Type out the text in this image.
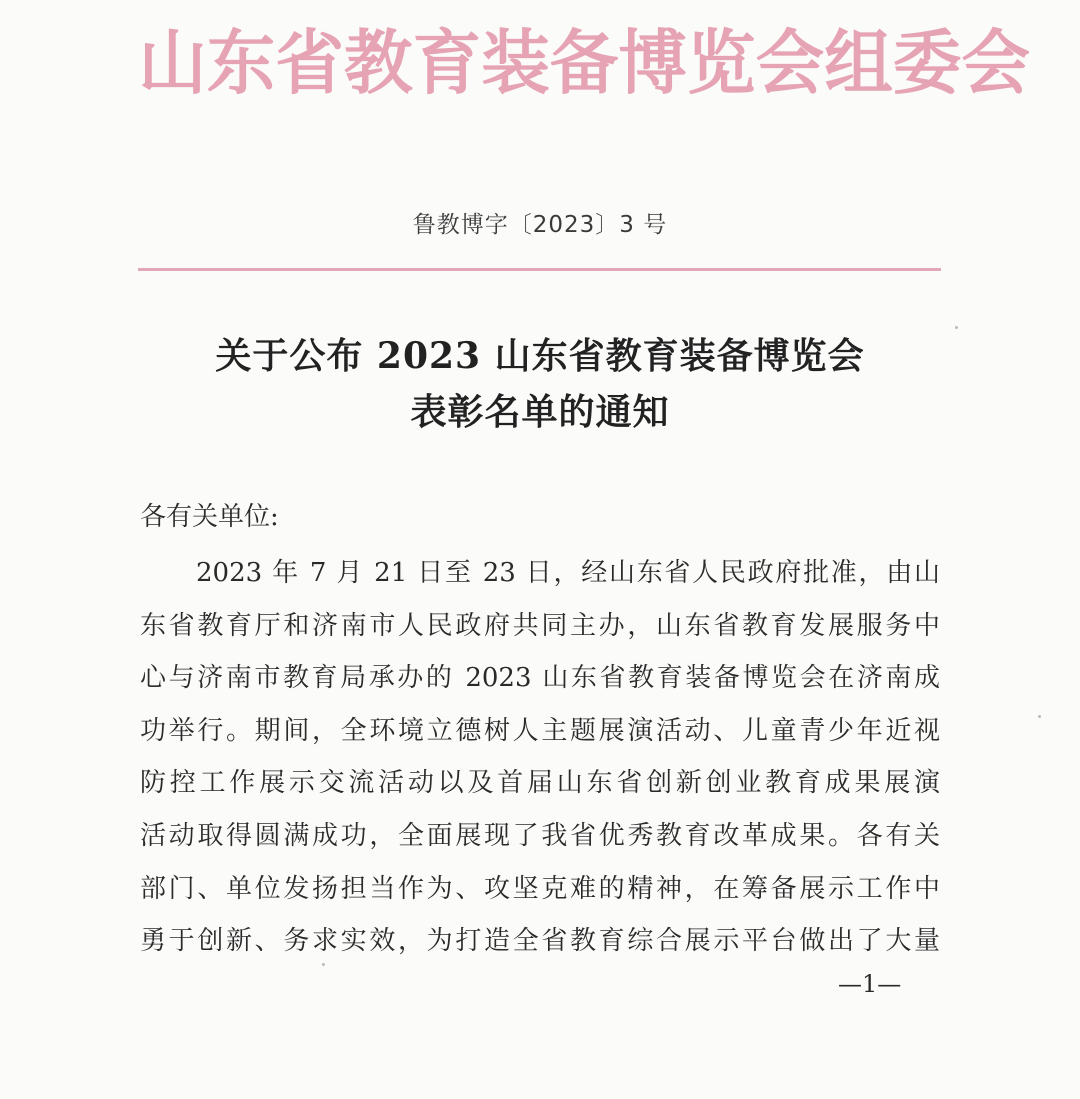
山东省教育装备博览会组委会
鲁教博字〔2023〕3 号
关于公布 2023 山东省教育装备博览会
表彰名单的通知
各有关单位:
2023 年 7 月 21 日至 23 日，经山东省人民政府批准，由山
东省教育厅和济南市人民政府共同主办，山东省教育发展服务中
心与济南市教育局承办的 2023 山东省教育装备博览会在济南成
功举行。期间，全环境立德树人主题展演活动、儿童青少年近视
防控工作展示交流活动以及首届山东省创新创业教育成果展演
活动取得圆满成功，全面展现了我省优秀教育改革成果。各有关
部门、单位发扬担当作为、攻坚克难的精神，在筹备展示工作中
勇于创新、务求实效，为打造全省教育综合展示平台做出了大量
—1—
